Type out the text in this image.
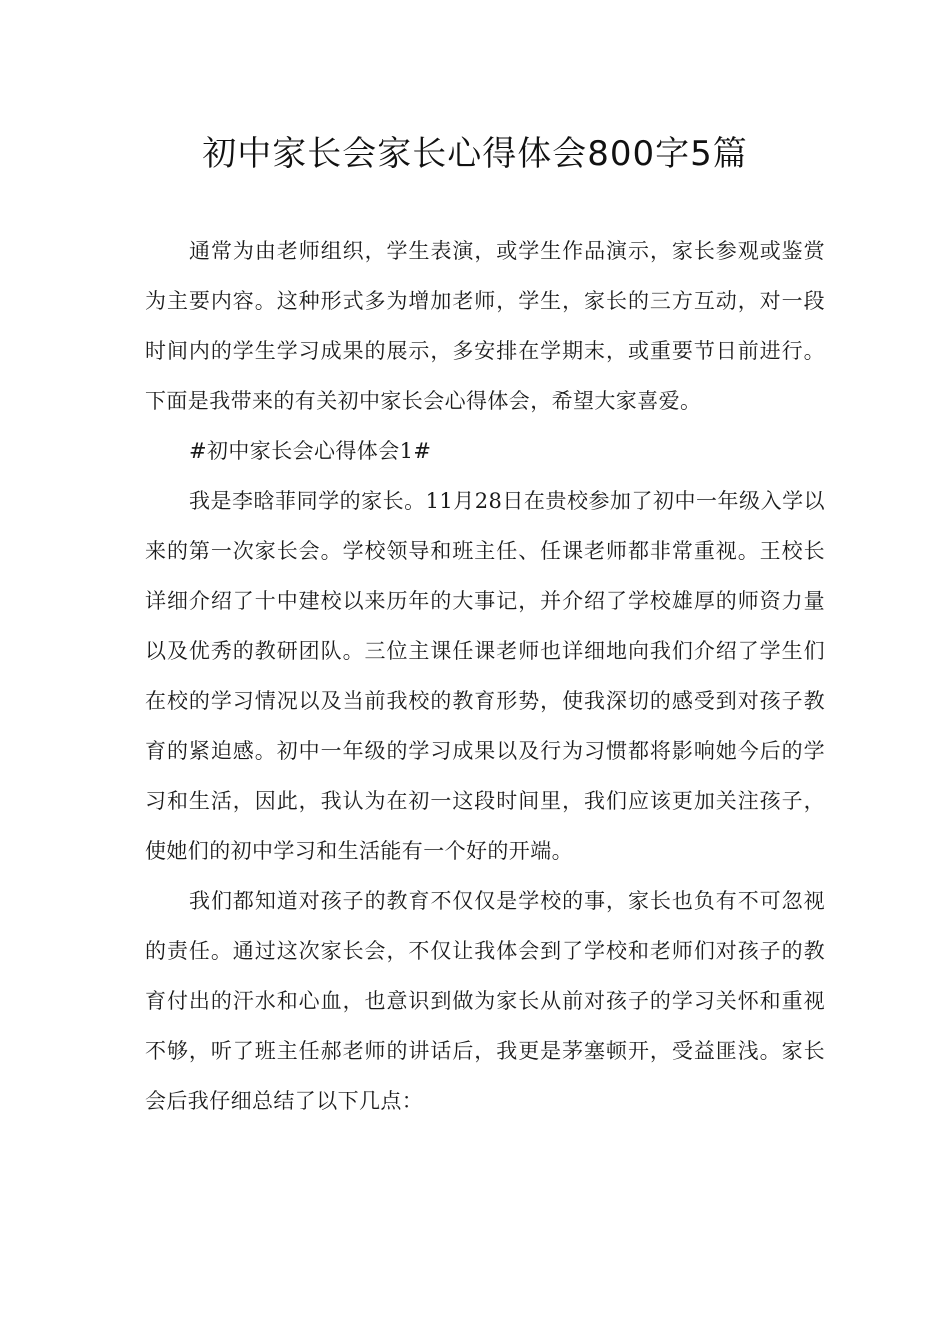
初中家长会家长心得体会800字5篇

通常为由老师组织，学生表演，或学生作品演示，家长参观或鉴赏为主要内容。这种形式多为增加老师，学生，家长的三方互动，对一段时间内的学生学习成果的展示，多安排在学期末，或重要节日前进行。下面是我带来的有关初中家长会心得体会，希望大家喜爱。

#初中家长会心得体会1#

我是李晗菲同学的家长。11月28日在贵校参加了初中一年级入学以来的第一次家长会。学校领导和班主任、任课老师都非常重视。王校长详细介绍了十中建校以来历年的大事记，并介绍了学校雄厚的师资力量以及优秀的教研团队。三位主课任课老师也详细地向我们介绍了学生们在校的学习情况以及当前我校的教育形势，使我深切的感受到对孩子教育的紧迫感。初中一年级的学习成果以及行为习惯都将影响她今后的学习和生活，因此，我认为在初一这段时间里，我们应该更加关注孩子，使她们的初中学习和生活能有一个好的开端。

我们都知道对孩子的教育不仅仅是学校的事，家长也负有不可忽视的责任。通过这次家长会，不仅让我体会到了学校和老师们对孩子的教育付出的汗水和心血，也意识到做为家长从前对孩子的学习关怀和重视不够，听了班主任郝老师的讲话后，我更是茅塞顿开，受益匪浅。家长会后我仔细总结了以下几点：
